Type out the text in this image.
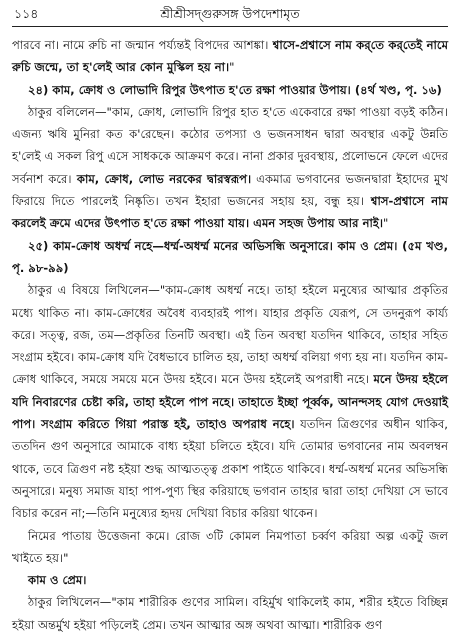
১১৪	শ্রীশ্রীসদ্‌গুরুসঙ্গ উপদেশামৃত

পারবে না। নামে রুচি না জন্মান পর্য্যন্তই বিপদের আশঙ্কা। শ্বাসে-প্রশ্বাসে নাম কর্‌তে কর্‌তেই নামে রুচি জন্মে, তা হ'লেই আর কোন মুস্কিল হয় না।"

২৪) কাম, ক্রোধ ও লোভাদি রিপুর উৎপাত হ'তে রক্ষা পাওয়ার উপায়। (৪র্থ খণ্ড, পৃ. ১৬)

ঠাকুর বলিলেন—"কাম, ক্রোধ, লোভাদি রিপুর হাত হ'তে একেবারে রক্ষা পাওয়া বড়ই কঠিন। এজন্য ঋষি মুনিরা কত ক'রেছেন। কঠোর তপস্যা ও ভজনসাধন দ্বারা অবস্থার একটু উন্নতি হ'লেই এ সকল রিপু এসে সাধককে আক্রমণ করে। নানা প্রকার দুরবস্থায়, প্রলোভনে ফেলে এদের সর্বনাশ করে। কাম, ক্রোধ, লোভ নরকের দ্বারস্বরূপ। একমাত্র ভগবানের ভজনদ্বারা ইহাদের মুখ ফিরায়ে দিতে পারলেই নিষ্কৃতি। তখন ইহারা ভজনের সহায় হয়, বন্ধু হয়। শ্বাস-প্রশ্বাসে নাম করলেই ক্রমে এদের উৎপাত হ'তে রক্ষা পাওয়া যায়। এমন সহজ উপায় আর নাই।"

২৫) কাম-ক্রোধ অধর্ম্ম নহে—ধর্ম্ম-অধর্ম্ম মনের অভিসন্ধি অনুসারে। কাম ও প্রেম। (৫ম খণ্ড, পৃ. ৯৮-৯৯)

ঠাকুর এ বিষয়ে লিখিলেন—"কাম-ক্রোধ অধর্ম্ম নহে। তাহা হইলে মনুষ্যের আত্মার প্রকৃতির মধ্যে থাকিত না। কাম-ক্রোধের অবৈধ ব্যবহারই পাপ। যাহার প্রকৃতি যেরূপ, সে তদনুরূপ কার্য্য করে। সত্ত্ব, রজ, তম—প্রকৃতির তিনটি অবস্থা। এই তিন অবস্থা যতদিন থাকিবে, তাহার সহিত সংগ্রাম হইবে। কাম-ক্রোধ যদি বৈধভাবে চালিত হয়, তাহা অধর্ম্ম বলিয়া গণ্য হয় না। যতদিন কাম-ক্রোধ থাকিবে, সময়ে সময়ে মনে উদয় হইবে। মনে উদয় হইলেই অপরাধী নহে। মনে উদয় হইলে যদি নিবারণের চেষ্টা করি, তাহা হইলে পাপ নহে। তাহাতে ইচ্ছা পূর্ব্বক, আনন্দসহ যোগ দেওয়াই পাপ। সংগ্রাম করিতে গিয়া পরাস্ত হই, তাহাও অপরাধ নহে। যতদিন ত্রিগুণের অধীন থাকিব, ততদিন গুণ অনুসারে আমাকে বাধ্য হইয়া চলিতে হইবে। যদি তোমার ভগবানের নাম অবলম্বন থাকে, তবে ত্রিগুণ নষ্ট হইয়া শুদ্ধ আত্মতত্ত্ব প্রকাশ পাইতে থাকিবে। ধর্ম্ম-অধর্ম্ম মনের অভিসন্ধি অনুসারে। মনুষ্য সমাজ যাহা পাপ-পুণ্য স্থির করিয়াছে ভগবান তাহার দ্বারা তাহা দেখিয়া সে ভাবে বিচার করেন না;—তিনি মনুষ্যের হৃদয় দেখিয়া বিচার করিয়া থাকেন।

নিমের পাতায় উত্তেজনা কমে। রোজ ৩টি কোমল নিমপাতা চর্ব্বণ করিয়া অল্প একটু জল খাইতে হয়।"

কাম ও প্রেম।

ঠাকুর লিখিলেন—"কাম শারীরিক গুণের সামিল। বহির্মুখ থাকিলেই কাম, শরীর হইতে বিচ্ছিন্ন হইয়া অন্তর্মুখ হইয়া পড়িলেই প্রেম। তখন আত্মার অঙ্গ অথবা আত্মা। শারীরিক গুণ
